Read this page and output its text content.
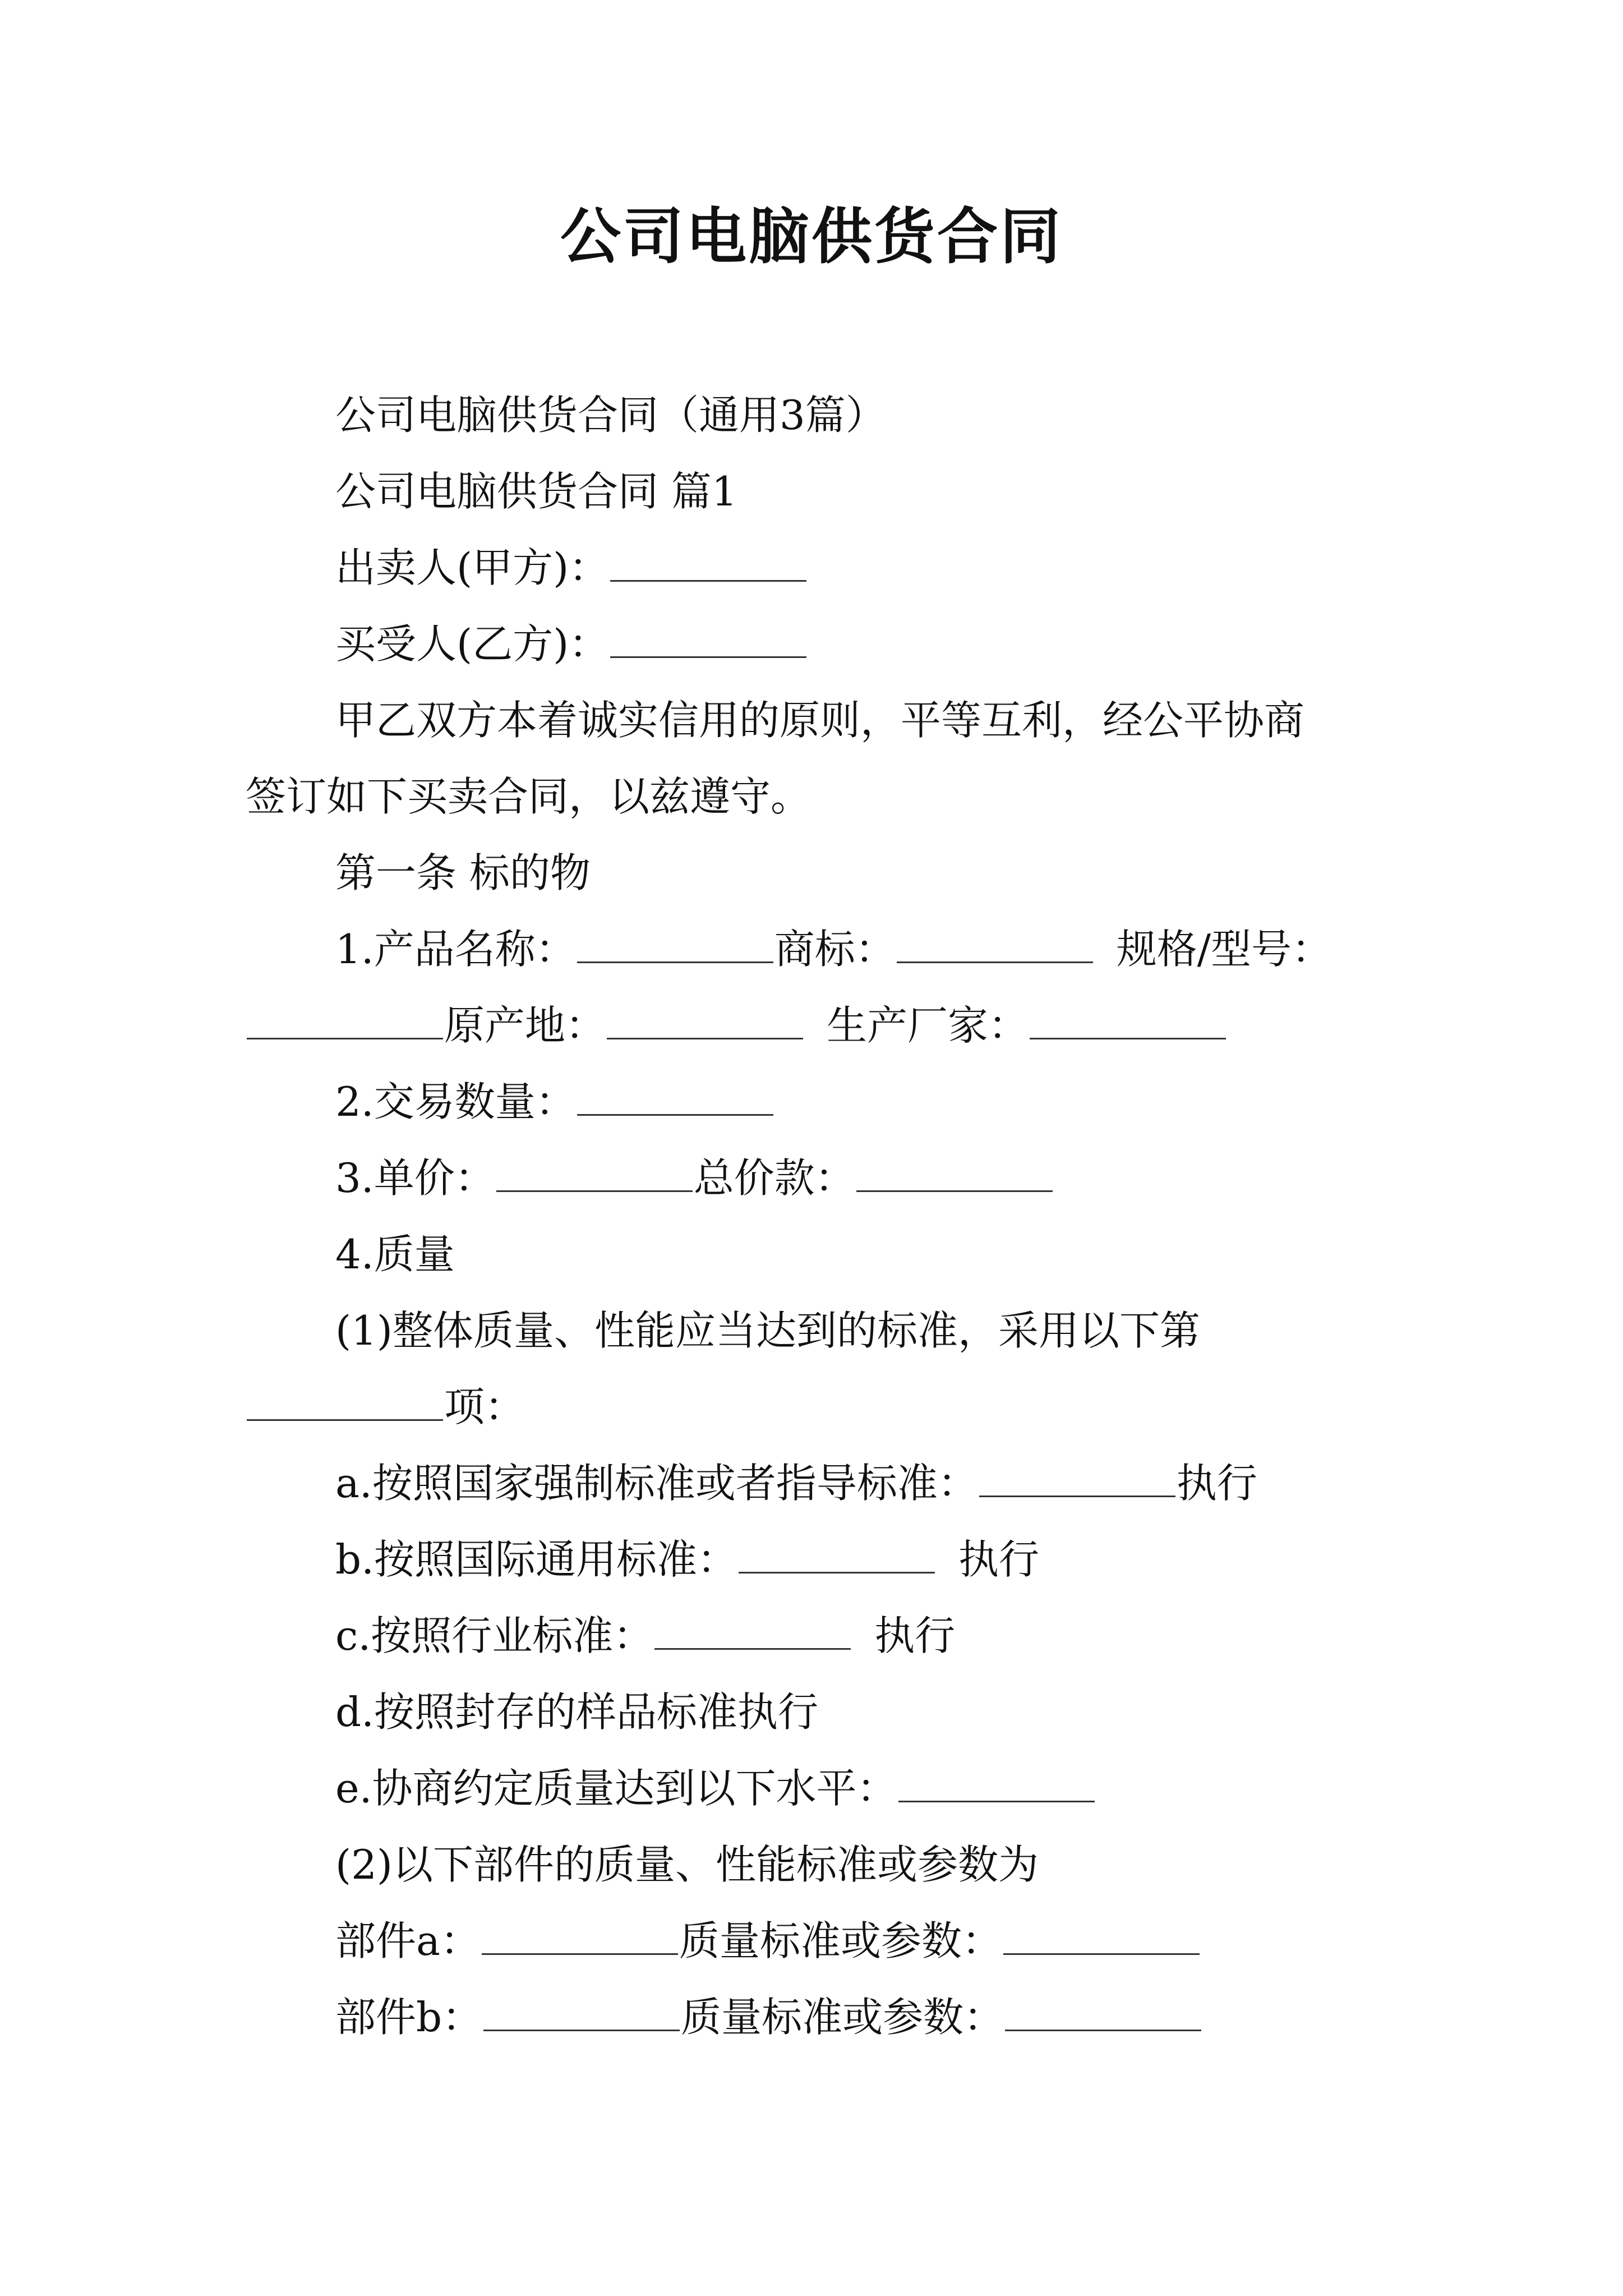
公司电脑供货合同
公司电脑供货合同（通用3篇）
公司电脑供货合同 篇1
出卖人(甲方)：
买受人(乙方)：
甲乙双方本着诚实信用的原则，平等互利，经公平协商
签订如下买卖合同，以兹遵守。
第一条 标的物
1.产品名称：	商标：	规格/型号：
原产地：	生产厂家：
2.交易数量：
3.单价：	总价款：
4.质量
(1)整体质量、性能应当达到的标准，采用以下第
项：
a.按照国家强制标准或者指导标准：	执行
b.按照国际通用标准：	执行
c.按照行业标准：	执行
d.按照封存的样品标准执行
e.协商约定质量达到以下水平：
(2)以下部件的质量、性能标准或参数为
部件a：	质量标准或参数：
部件b：	质量标准或参数：
